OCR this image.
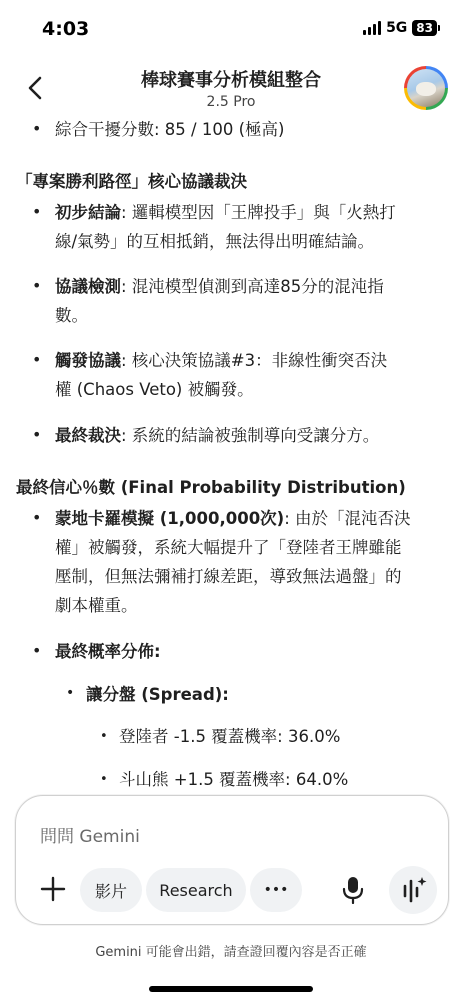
4:03	5G 83
棒球賽事分析模組整合
2.5 Pro
• 綜合干擾分數: 85 / 100 (極高)
「專案勝利路徑」核心協議裁決
• 初步結論: 邏輯模型因「王牌投手」與「火熱打
線/氣勢」的互相抵銷，無法得出明確結論。
• 協議檢測: 混沌模型偵測到高達85分的混沌指
數。
• 觸發協議: 核心決策協議#3：非線性衝突否決
權 (Chaos Veto) 被觸發。
• 最終裁決: 系統的結論被強制導向受讓分方。
最終信心％數 (Final Probability Distribution)
• 蒙地卡羅模擬 (1,000,000次): 由於「混沌否決
權」被觸發，系統大幅提升了「登陸者王牌雖能
壓制，但無法彌補打線差距，導致無法過盤」的
劇本權重。
• 最終概率分佈:
• 讓分盤 (Spread):
• 登陸者 -1.5 覆蓋機率: 36.0%
• 斗山熊 +1.5 覆蓋機率: 64.0%
問問 Gemini
影片	Research	•••
Gemini 可能會出錯，請查證回覆內容是否正確
